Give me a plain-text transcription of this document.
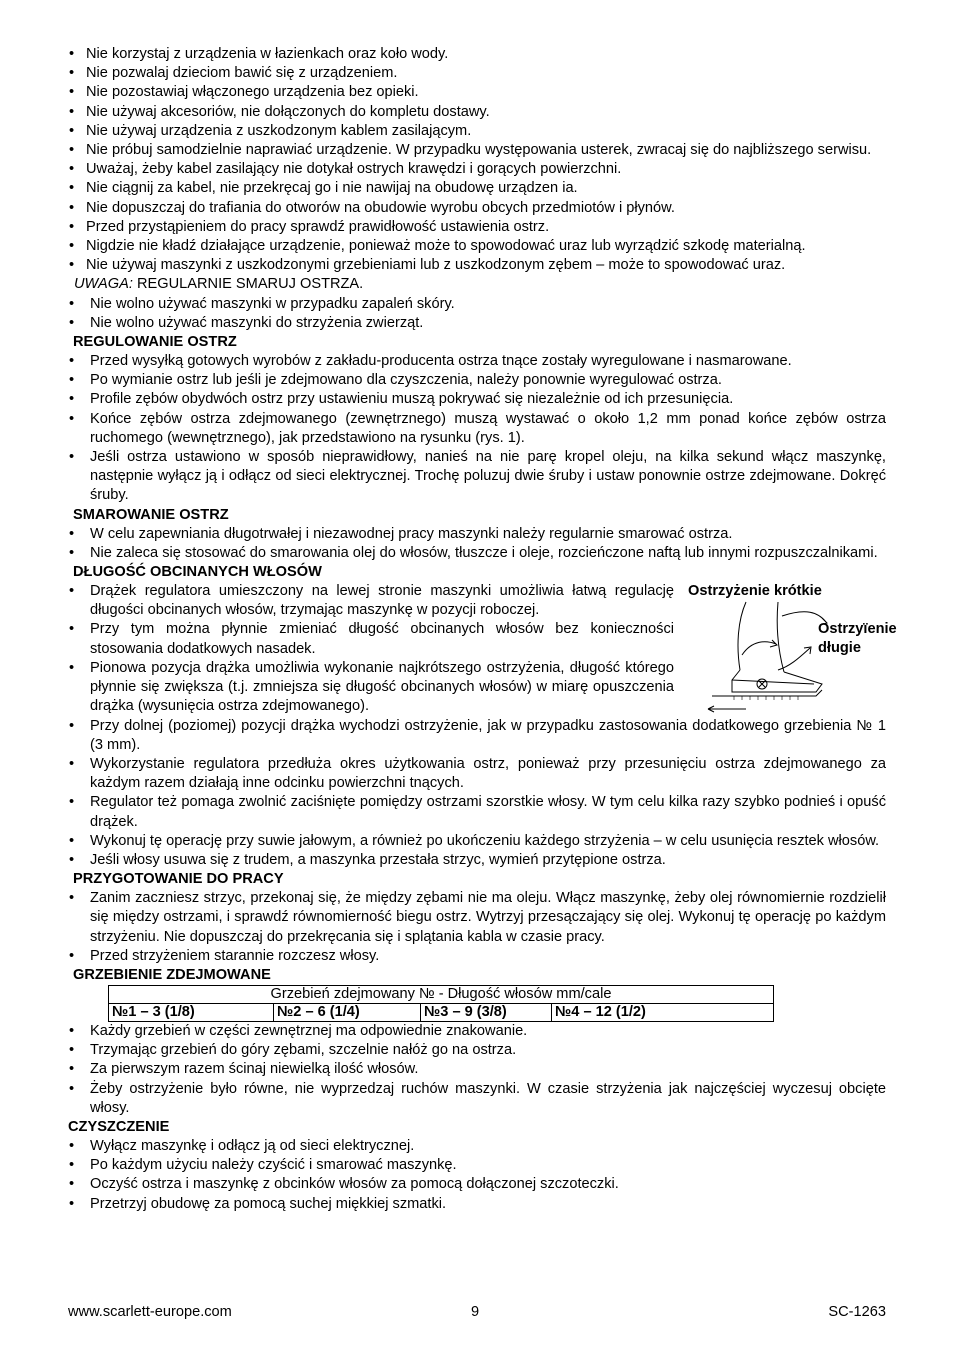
• Nie korzystaj z urządzenia w łazienkach oraz koło wody.
• Nie pozwalaj dzieciom bawić się z urządzeniem.
• Nie pozostawiaj włączonego urządzenia bez opieki.
• Nie używaj akcesoriów, nie dołączonych do kompletu dostawy.
• Nie używaj urządzenia z uszkodzonym kablem zasilającym.
• Nie próbuj samodzielnie naprawiać urządzenie. W przypadku występowania usterek, zwracaj się do najbliższego serwisu.
• Uważaj, żeby kabel zasilający nie dotykał ostrych krawędzi i gorących powierzchni.
• Nie ciągnij za kabel, nie przekręcaj go i nie nawijaj na obudowę urządzen ia.
• Nie dopuszczaj do trafiania do otworów na obudowie wyrobu obcych przedmiotów i płynów.
• Przed przystąpieniem do pracy sprawdź prawidłowość ustawienia ostrz.
• Nigdzie nie kładź działające urządzenie, ponieważ może to spowodować uraz lub wyrządzić szkodę materialną.
• Nie używaj maszynki z uszkodzonymi grzebieniami lub z uszkodzonym zębem – może to spowodować uraz.
UWAGA: REGULARNIE SMARUJ OSTRZA.
• Nie wolno używać maszynki w przypadku zapaleń skóry.
• Nie wolno używać maszynki do strzyżenia zwierząt.
REGULOWANIE OSTRZ
• Przed wysyłką gotowych wyrobów z zakładu-producenta ostrza tnące zostały wyregulowane i nasmarowane.
• Po wymianie ostrz lub jeśli je zdejmowano dla czyszczenia, należy ponownie wyregulować ostrza.
• Profile zębów obydwóch ostrz przy ustawieniu muszą pokrywać się niezależnie od ich przesunięcia.
• Końce zębów ostrza zdejmowanego (zewnętrznego) muszą wystawać o około 1,2 mm ponad końce zębów ostrza ruchomego (wewnętrznego), jak przedstawiono na rysunku (rys. 1).
• Jeśli ostrza ustawiono w sposób nieprawidłowy, nanieś na nie parę kropel oleju, na kilka sekund włącz maszynkę, następnie wyłącz ją i odłącz od sieci elektrycznej. Trochę poluzuj dwie śruby i ustaw ponownie ostrze zdejmowane. Dokręć śruby.
SMAROWANIE OSTRZ
• W celu zapewniania długotrwałej i niezawodnej pracy maszynki należy regularnie smarować ostrza.
• Nie zaleca się stosować do smarowania olej do włosów, tłuszcze i oleje, rozcieńczone naftą lub innymi rozpuszczalnikami.
DŁUGOŚĆ OBCINANYCH WŁOSÓW
• Drążek regulatora umieszczony na lewej stronie maszynki umożliwia łatwą regulację długości obcinanych włosów, trzymając maszynkę w pozycji roboczej.
• Przy tym można płynnie zmieniać długość obcinanych włosów bez konieczności stosowania dodatkowych nasadek.
• Pionowa pozycja drążka umożliwia wykonanie najkrótszego ostrzyżenia, długość którego płynnie się zwiększa (t.j. zmniejsza się długość obcinanych włosów) w miarę opuszczenia drążka (wysunięcia ostrza zdejmowanego).
Ostrzyżenie krótkie
Ostrzyïenie długie
• Przy dolnej (poziomej) pozycji drążka wychodzi ostrzyżenie, jak w przypadku zastosowania dodatkowego grzebienia № 1 (3 mm).
• Wykorzystanie regulatora przedłuża okres użytkowania ostrz, ponieważ przy przesunięciu ostrza zdejmowanego za każdym razem działają inne odcinku powierzchni tnących.
• Regulator też pomaga zwolnić zaciśnięte pomiędzy ostrzami szorstkie włosy. W tym celu kilka razy szybko podnieś i opuść drążek.
• Wykonuj tę operację przy suwie jałowym, a również po ukończeniu każdego strzyżenia – w celu usunięcia resztek włosów.
• Jeśli włosy usuwa się z trudem, a maszynka przestała strzyc, wymień przytępione ostrza.
PRZYGOTOWANIE DO PRACY
• Zanim zaczniesz strzyc, przekonaj się, że między zębami nie ma oleju. Włącz maszynkę, żeby olej równomiernie rozdzielił się między ostrzami, i sprawdź równomierność biegu ostrz. Wytrzyj przesączający się olej. Wykonuj tę operację po każdym strzyżeniu. Nie dopuszczaj do przekręcania się i splątania kabla w czasie pracy.
• Przed strzyżeniem starannie rozczesz włosy.
GRZEBIENIE ZDEJMOWANE
Grzebień zdejmowany № - Długość włosów mm/cale
№1 – 3 (1/8)	№2 – 6 (1/4)	№3 – 9 (3/8)	№4 – 12 (1/2)
• Każdy grzebień w części zewnętrznej ma odpowiednie znakowanie.
• Trzymając grzebień do góry zębami, szczelnie nałóż go na ostrza.
• Za pierwszym razem ścinaj niewielką ilość włosów.
• Żeby ostrzyżenie było równe, nie wyprzedzaj ruchów maszynki. W czasie strzyżenia jak najczęściej wyczesuj obcięte włosy.
CZYSZCZENIE
• Wyłącz maszynkę i odłącz ją od sieci elektrycznej.
• Po każdym użyciu należy czyścić i smarować maszynkę.
• Oczyść ostrza i maszynkę z obcinków włosów za pomocą dołączonej szczoteczki.
• Przetrzyj obudowę za pomocą suchej miękkiej szmatki.
www.scarlett-europe.com	9	SC-1263
